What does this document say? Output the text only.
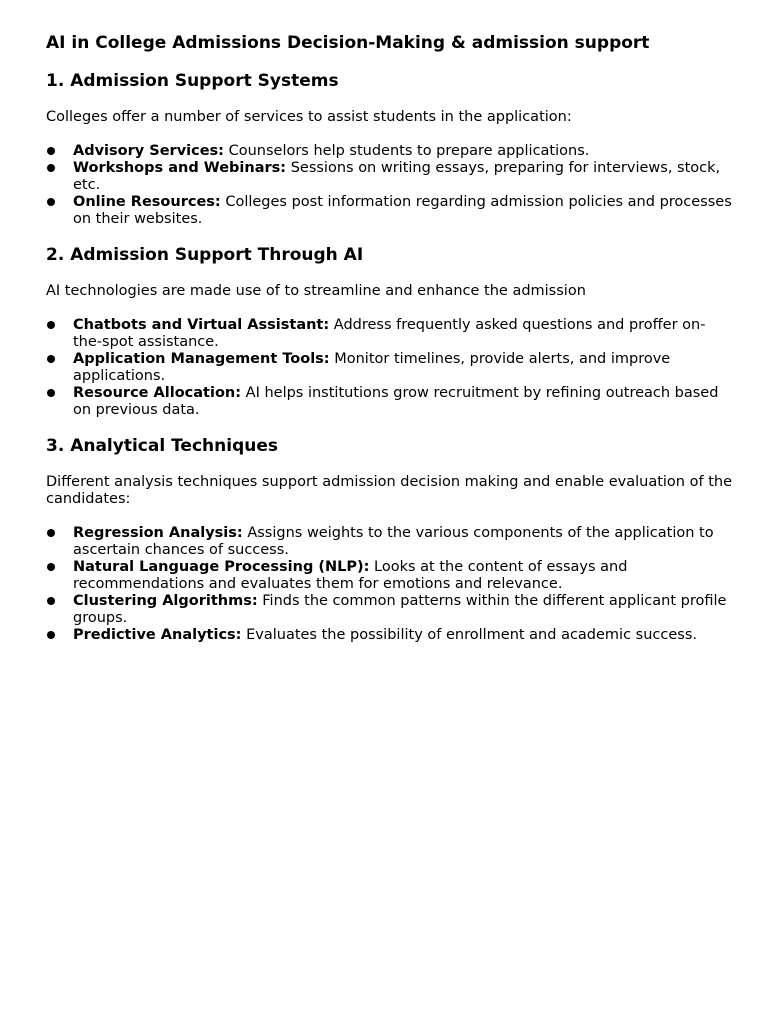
AI in College Admissions Decision-Making & admission support
1. Admission Support Systems

Colleges offer a number of services to assist students in the application:

Advisory Services: Counselors help students to prepare applications.
Workshops and Webinars: Sessions on writing essays, preparing for interviews, stock, etc.
Online Resources: Colleges post information regarding admission policies and processes on their websites.
2. Admission Support Through AI

AI technologies are made use of to streamline and enhance the admission

Chatbots and Virtual Assistant: Address frequently asked questions and proffer on- the-spot assistance.
Application Management Tools: Monitor timelines, provide alerts, and improve applications.
Resource Allocation: AI helps institutions grow recruitment by refining outreach based on previous data.
3. Analytical Techniques

Different analysis techniques support admission decision making and enable evaluation of the candidates:

Regression Analysis: Assigns weights to the various components of the application to ascertain chances of success.
Natural Language Processing (NLP): Looks at the content of essays and recommendations and evaluates them for emotions and relevance.
Clustering Algorithms: Finds the common patterns within the different applicant profile groups.
Predictive Analytics: Evaluates the possibility of enrollment and academic success.
